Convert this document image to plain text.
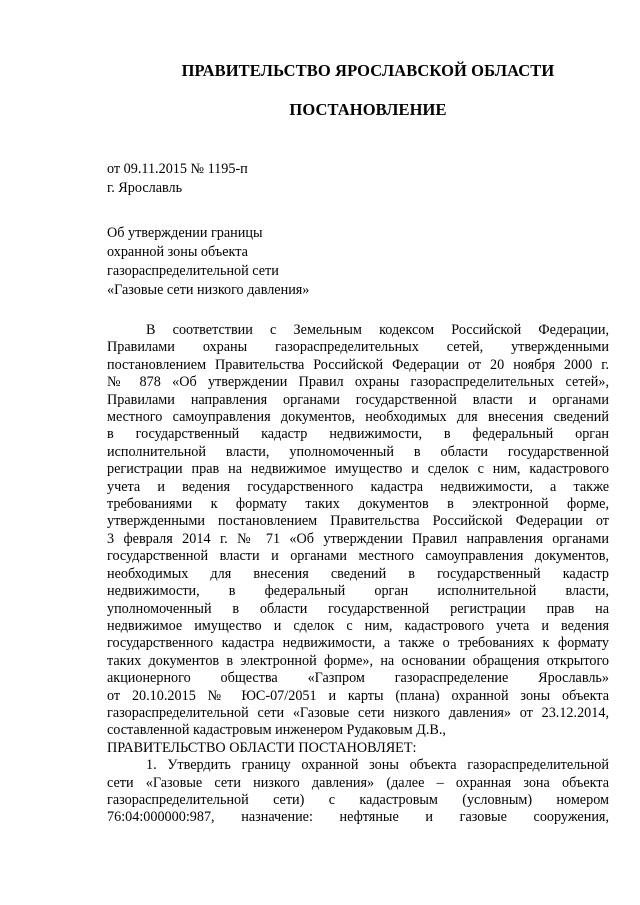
ПРАВИТЕЛЬСТВО ЯРОСЛАВСКОЙ ОБЛАСТИ
ПОСТАНОВЛЕНИЕ
от 09.11.2015 № 1195-п
г. Ярославль
Об утверждении границы
охранной зоны объекта
газораспределительной сети
«Газовые сети низкого давления»
В соответствии с Земельным кодексом Российской Федерации,
Правилами охраны газораспределительных сетей, утвержденными
постановлением Правительства Российской Федерации от 20 ноября 2000 г.
№ 878 «Об утверждении Правил охраны газораспределительных сетей»,
Правилами направления органами государственной власти и органами
местного самоуправления документов, необходимых для внесения сведений
в государственный кадастр недвижимости, в федеральный орган
исполнительной власти, уполномоченный в области государственной
регистрации прав на недвижимое имущество и сделок с ним, кадастрового
учета и ведения государственного кадастра недвижимости, а также
требованиями к формату таких документов в электронной форме,
утвержденными постановлением Правительства Российской Федерации от
3 февраля 2014 г. № 71 «Об утверждении Правил направления органами
государственной власти и органами местного самоуправления документов,
необходимых для внесения сведений в государственный кадастр
недвижимости, в федеральный орган исполнительной власти,
уполномоченный в области государственной регистрации прав на
недвижимое имущество и сделок с ним, кадастрового учета и ведения
государственного кадастра недвижимости, а также о требованиях к формату
таких документов в электронной форме», на основании обращения открытого
акционерного общества «Газпром газораспределение Ярославль»
от 20.10.2015 № ЮС-07/2051 и карты (плана) охранной зоны объекта
газораспределительной сети «Газовые сети низкого давления» от 23.12.2014,
составленной кадастровым инженером Рудаковым Д.В.,
ПРАВИТЕЛЬСТВО ОБЛАСТИ ПОСТАНОВЛЯЕТ:
1. Утвердить границу охранной зоны объекта газораспределительной
сети «Газовые сети низкого давления» (далее – охранная зона объекта
газораспределительной сети) с кадастровым (условным) номером
76:04:000000:987, назначение: нефтяные и газовые сооружения,
